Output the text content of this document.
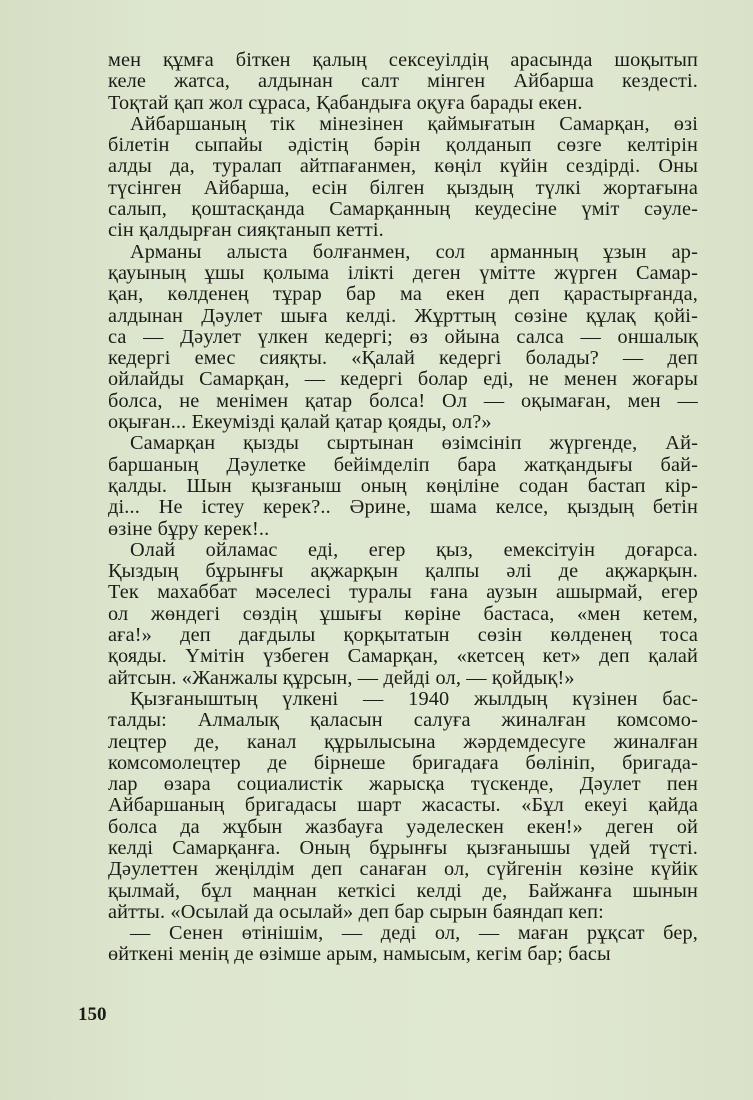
мен құмға біткен қалың сексеуілдің арасында шоқытып
келе жатса, алдынан салт мінген Айбарша кездесті.
Тоқтай қап жол сұраса, Қабандыға оқуға барады екен.
Айбаршаның тік мінезінен қаймығатын Самарқан, өзі
білетін сыпайы әдістің бәрін қолданып сөзге келтірін
алды да, туралап айтпағанмен, көңіл күйін сездірді. Оны
түсінген Айбарша, есін білген қыздың түлкі жортағына
салып, қоштасқанда Самарқанның кеудесіне үміт сәуле-
сін қалдырған сияқтанып кетті.
Арманы алыста болғанмен, сол арманның ұзын ар-
қауының ұшы қолыма ілікті деген үмітте жүрген Самар-
қан, көлденең тұрар бар ма екен деп қарастырғанда,
алдынан Дәулет шыға келді. Жұрттың сөзіне құлақ қойі-
са — Дәулет үлкен кедергі; өз ойына салса — оншалық
кедергі емес сияқты. «Қалай кедергі болады? — деп
ойлайды Самарқан, — кедергі болар еді, не менен жоғары
болса, не менімен қатар болса! Ол — оқымаған, мен —
оқыған... Екеумізді қалай қатар қояды, ол?»
Самарқан қызды сыртынан өзімсініп жүргенде, Ай-
баршаның Дәулетке бейімделіп бара жатқандығы бай-
қалды. Шын қызғаныш оның көңіліне содан бастап кір-
ді... Не істеу керек?.. Әрине, шама келсе, қыздың бетін
өзіне бұру керек!..
Олай ойламас еді, егер қыз, емексітуін доғарса.
Қыздың бұрынғы ақжарқын қалпы әлі де ақжарқын.
Тек махаббат мәселесі туралы ғана аузын ашырмай, егер
ол жөндегі сөздің ұшығы көріне бастаса, «мен кетем,
аға!» деп дағдылы қорқытатын сөзін көлденең тоса
қояды. Үмітін үзбеген Самарқан, «кетсең кет» деп қалай
айтсын. «Жанжалы құрсын, — дейді ол, — қойдық!»
Қызғаныштың үлкені — 1940 жылдың күзінен бас-
талды: Алмалық қаласын салуға жиналған комсомо-
лецтер де, канал құрылысына жәрдемдесуге жиналған
комсомолецтер де бірнеше бригадаға бөлініп, бригада-
лар өзара социалистік жарысқа түскенде, Дәулет пен
Айбаршаның бригадасы шарт жасасты. «Бұл екеуі қайда
болса да жұбын жазбауға уәделескен екен!» деген ой
келді Самарқанға. Оның бұрынғы қызғанышы үдей түсті.
Дәулеттен жеңілдім деп санаған ол, сүйгенін көзіне күйік
қылмай, бұл маңнан кеткісі келді де, Байжанға шынын
айтты. «Осылай да осылай» деп бар сырын баяндап кеп:
— Сенен өтінішім, — деді ол, — маған рұқсат бер,
өйткені менің де өзімше арым, намысым, кегім бар; басы
150
